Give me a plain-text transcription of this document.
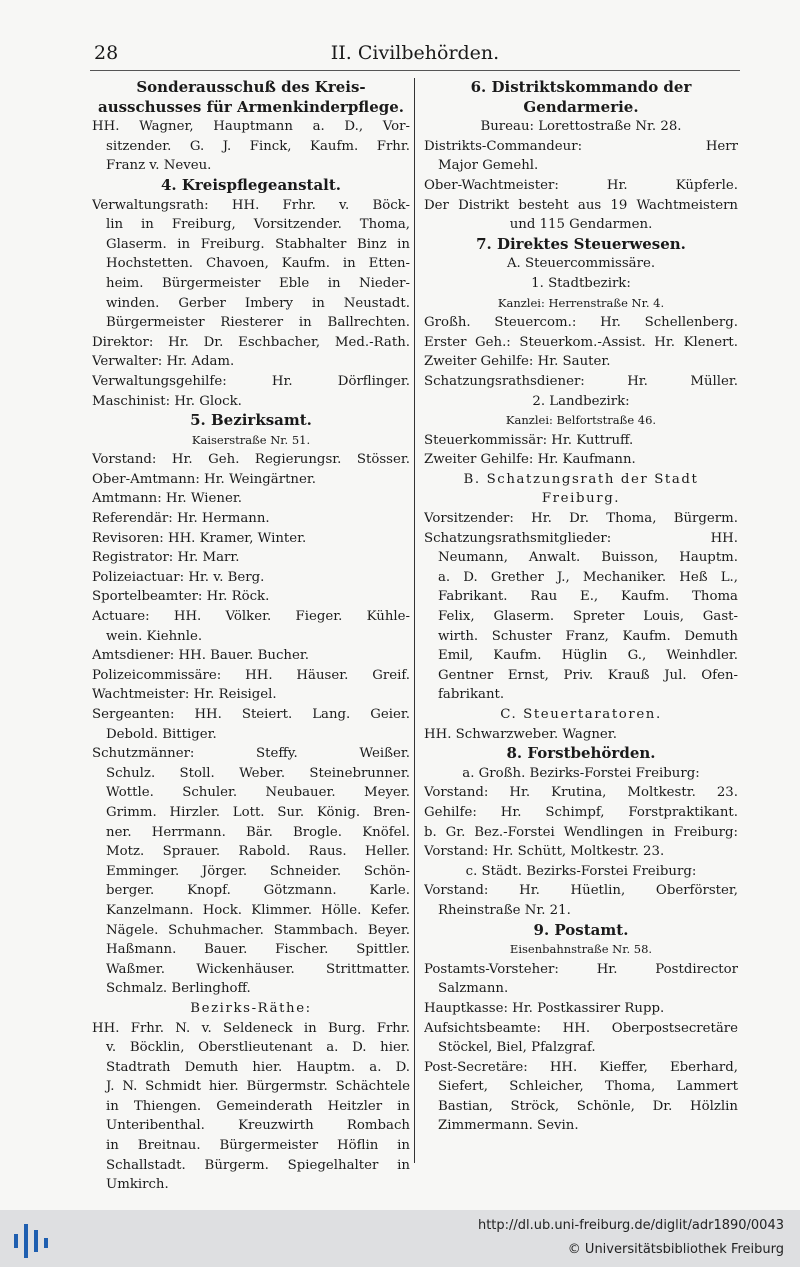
28	II. Civilbehörden.
Sonderausschuß des Kreis-
ausschusses für Armenkinderpflege.
HH. Wagner, Hauptmann a. D., Vor-
sitzender. G. J. Finck, Kaufm. Frhr.
Franz v. Neveu.
4. Kreispflegeanstalt.
Verwaltungsrath: HH. Frhr. v. Böck-
lin in Freiburg, Vorsitzender. Thoma,
Glaserm. in Freiburg. Stabhalter Binz in
Hochstetten. Chavoen, Kaufm. in Etten-
heim. Bürgermeister Eble in Nieder-
winden. Gerber Imbery in Neustadt.
Bürgermeister Riesterer in Ballrechten.
Direktor: Hr. Dr. Eschbacher, Med.-Rath.
Verwalter: Hr. Adam.
Verwaltungsgehilfe: Hr. Dörflinger.
Maschinist: Hr. Glock.
5. Bezirksamt.
Kaiserstraße Nr. 51.
Vorstand: Hr. Geh. Regierungsr. Stösser.
Ober-Amtmann: Hr. Weingärtner.
Amtmann: Hr. Wiener.
Referendär: Hr. Hermann.
Revisoren: HH. Kramer, Winter.
Registrator: Hr. Marr.
Polizeiactuar: Hr. v. Berg.
Sportelbeamter: Hr. Röck.
Actuare: HH. Völker. Fieger. Kühle-
wein. Kiehnle.
Amtsdiener: HH. Bauer. Bucher.
Polizeicommissäre: HH. Häuser. Greif.
Wachtmeister: Hr. Reisigel.
Sergeanten: HH. Steiert. Lang. Geier.
Debold. Bittiger.
Schutzmänner: Steffy. Weißer.
Schulz. Stoll. Weber. Steinebrunner.
Wottle. Schuler. Neubauer. Meyer.
Grimm. Hirzler. Lott. Sur. König. Bren-
ner. Herrmann. Bär. Brogle. Knöfel.
Motz. Sprauer. Rabold. Raus. Heller.
Emminger. Jörger. Schneider. Schön-
berger. Knopf. Götzmann. Karle.
Kanzelmann. Hock. Klimmer. Hölle. Kefer.
Nägele. Schuhmacher. Stammbach. Beyer.
Haßmann. Bauer. Fischer. Spittler.
Waßmer. Wickenhäuser. Strittmatter.
Schmalz. Berlinghoff.
Bezirks-Räthe:
HH. Frhr. N. v. Seldeneck in Burg. Frhr.
v. Böcklin, Oberstlieutenant a. D. hier.
Stadtrath Demuth hier. Hauptm. a. D.
J. N. Schmidt hier. Bürgermstr. Schächtele
in Thiengen. Gemeinderath Heitzler in
Unteribenthal. Kreuzwirth Rombach
in Breitnau. Bürgermeister Höflin in
Schallstadt. Bürgerm. Spiegelhalter in
Umkirch.
6. Distriktskommando der
Gendarmerie.
Bureau: Lorettostraße Nr. 28.
Distrikts-Commandeur: Herr
Major Gemehl.
Ober-Wachtmeister: Hr. Küpferle.
Der Distrikt besteht aus 19 Wachtmeistern
und 115 Gendarmen.
7. Direktes Steuerwesen.
A. Steuercommissäre.
1. Stadtbezirk:
Kanzlei: Herrenstraße Nr. 4.
Großh. Steuercom.: Hr. Schellenberg.
Erster Geh.: Steuerkom.-Assist. Hr. Klenert.
Zweiter Gehilfe: Hr. Sauter.
Schatzungsrathsdiener: Hr. Müller.
2. Landbezirk:
Kanzlei: Belfortstraße 46.
Steuerkommissär: Hr. Kuttruff.
Zweiter Gehilfe: Hr. Kaufmann.
B. Schatzungsrath der Stadt
Freiburg.
Vorsitzender: Hr. Dr. Thoma, Bürgerm.
Schatzungsrathsmitglieder: HH.
Neumann, Anwalt. Buisson, Hauptm.
a. D. Grether J., Mechaniker. Heß L.,
Fabrikant. Rau E., Kaufm. Thoma
Felix, Glaserm. Spreter Louis, Gast-
wirth. Schuster Franz, Kaufm. Demuth
Emil, Kaufm. Hüglin G., Weinhdler.
Gentner Ernst, Priv. Krauß Jul. Ofen-
fabrikant.
C. Steuertaratoren.
HH. Schwarzweber. Wagner.
8. Forstbehörden.
a. Großh. Bezirks-Forstei Freiburg:
Vorstand: Hr. Krutina, Moltkestr. 23.
Gehilfe: Hr. Schimpf, Forstpraktikant.
b. Gr. Bez.-Forstei Wendlingen in Freiburg:
Vorstand: Hr. Schütt, Moltkestr. 23.
c. Städt. Bezirks-Forstei Freiburg:
Vorstand: Hr. Hüetlin, Oberförster,
Rheinstraße Nr. 21.
9. Postamt.
Eisenbahnstraße Nr. 58.
Postamts-Vorsteher: Hr. Postdirector
Salzmann.
Hauptkasse: Hr. Postkassirer Rupp.
Aufsichtsbeamte: HH. Oberpostsecretäre
Stöckel, Biel, Pfalzgraf.
Post-Secretäre: HH. Kieffer, Eberhard,
Siefert, Schleicher, Thoma, Lammert
Bastian, Ströck, Schönle, Dr. Hölzlin
Zimmermann. Sevin.
http://dl.ub.uni-freiburg.de/diglit/adr1890/0043
© Universitätsbibliothek Freiburg
